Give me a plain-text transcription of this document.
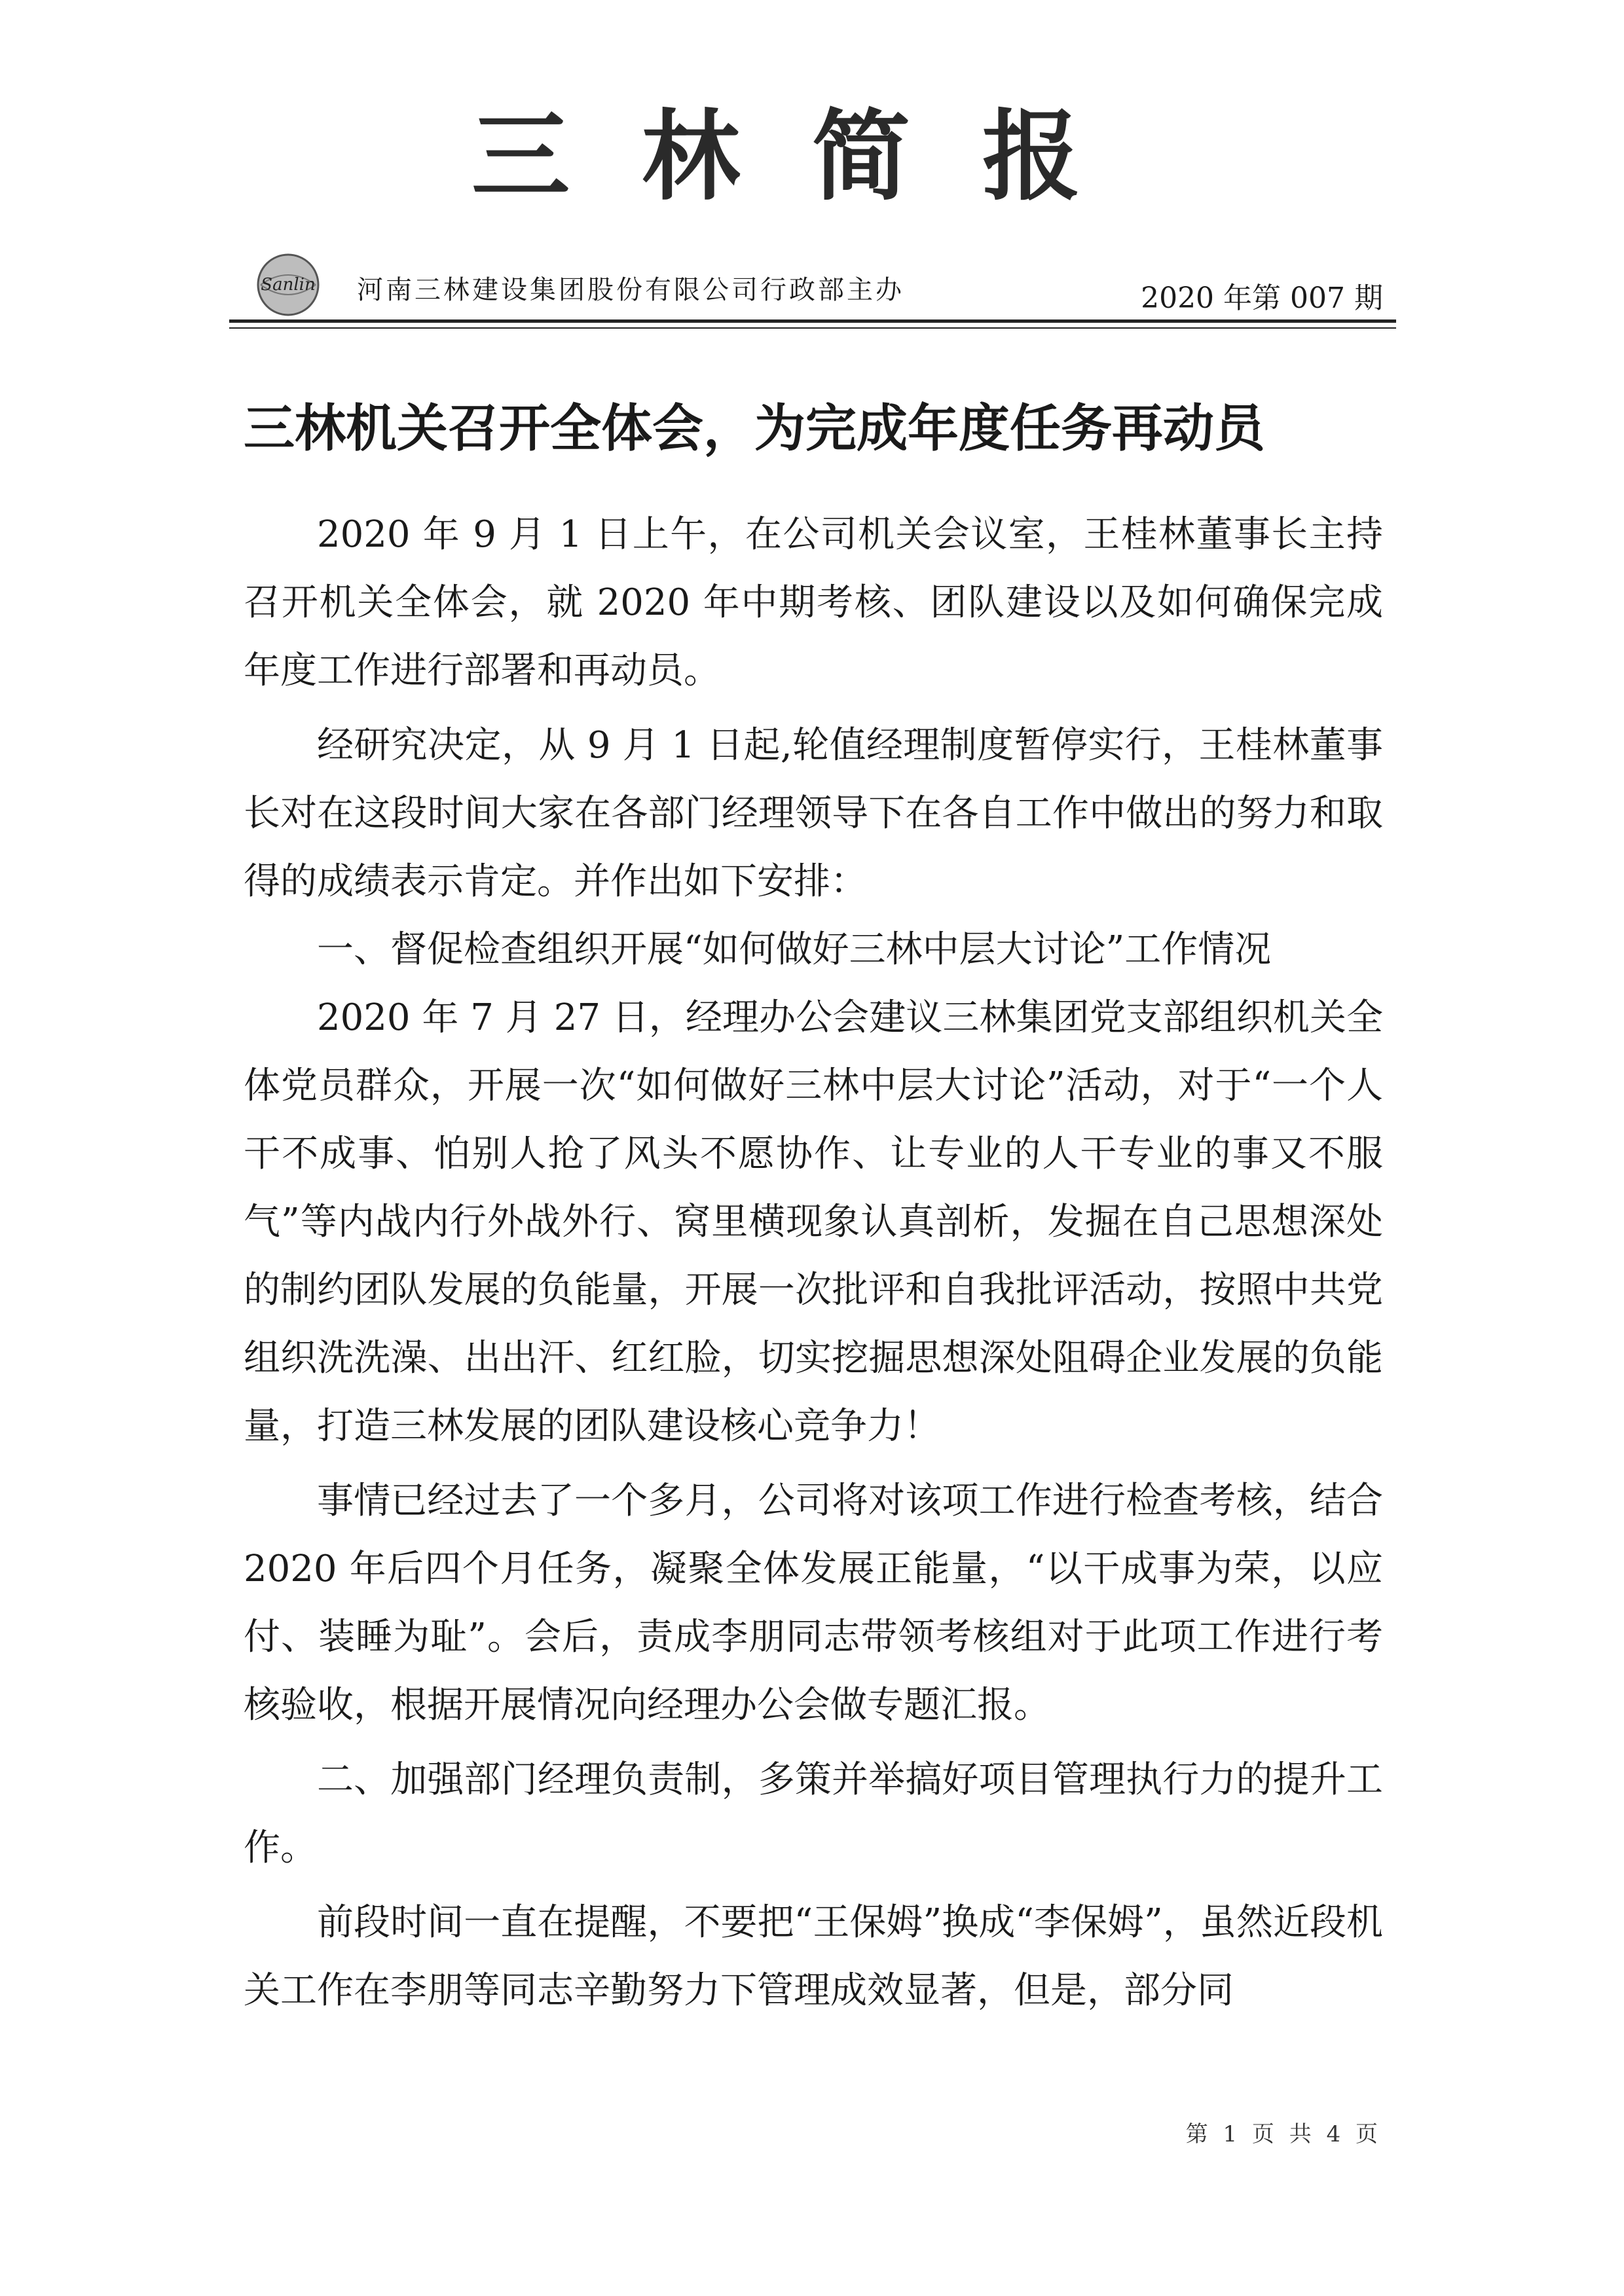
三林简报
Sanlin 河南三林建设集团股份有限公司行政部主办	2020 年第 007 期
三林机关召开全体会，为完成年度任务再动员

2020 年 9 月 1 日上午，在公司机关会议室，王桂林董事长主持召开机关全体会，就 2020 年中期考核、团队建设以及如何确保完成年度工作进行部署和再动员。

经研究决定，从 9 月 1 日起,轮值经理制度暂停实行，王桂林董事长对在这段时间大家在各部门经理领导下在各自工作中做出的努力和取得的成绩表示肯定。并作出如下安排：

一、督促检查组织开展“如何做好三林中层大讨论”工作情况

2020 年 7 月 27 日，经理办公会建议三林集团党支部组织机关全体党员群众，开展一次“如何做好三林中层大讨论”活动，对于“一个人干不成事、怕别人抢了风头不愿协作、让专业的人干专业的事又不服气”等内战内行外战外行、窝里横现象认真剖析，发掘在自己思想深处的制约团队发展的负能量，开展一次批评和自我批评活动，按照中共党组织洗洗澡、出出汗、红红脸，切实挖掘思想深处阻碍企业发展的负能量，打造三林发展的团队建设核心竞争力！

事情已经过去了一个多月，公司将对该项工作进行检查考核，结合 2020 年后四个月任务，凝聚全体发展正能量，“以干成事为荣，以应付、装睡为耻”。会后，责成李朋同志带领考核组对于此项工作进行考核验收，根据开展情况向经理办公会做专题汇报。

二、加强部门经理负责制，多策并举搞好项目管理执行力的提升工作。

前段时间一直在提醒，不要把“王保姆”换成“李保姆”，虽然近段机关工作在李朋等同志辛勤努力下管理成效显著，但是，部分同

第 1 页 共 4 页
